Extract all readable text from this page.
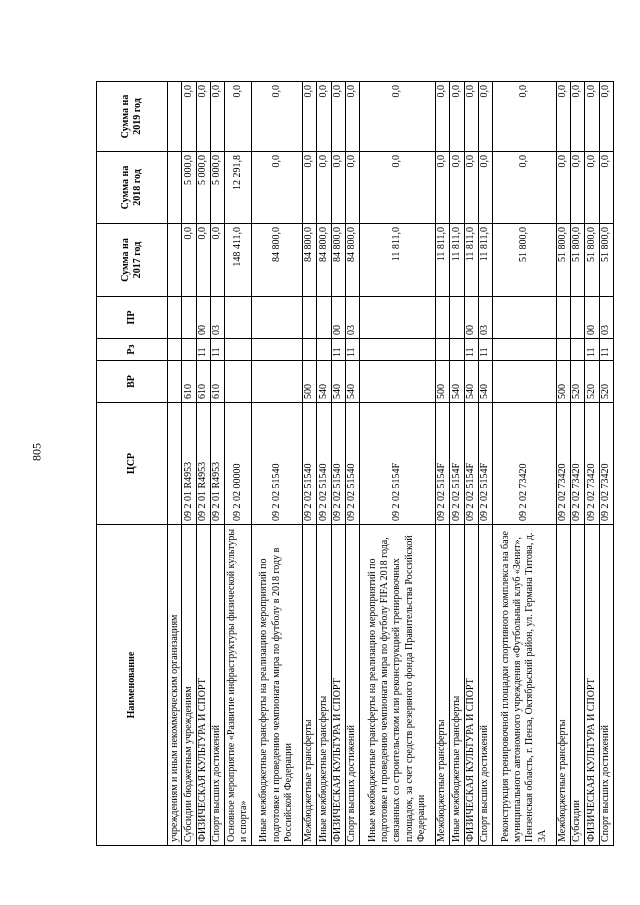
805
Наименование	ЦСР	ВР	Рз	ПР	Сумма на 2017 год	Сумма на 2018 год	Сумма на 2019 год
учреждениям и иным некоммерческим организациям							
Субсидии бюджетным учреждениям	09 2 01 R4953	610			0,0	5 000,0	0,0
ФИЗИЧЕСКАЯ КУЛЬТУРА И СПОРТ	09 2 01 R4953	610	11	00	0,0	5 000,0	0,0
Спорт высших достижений	09 2 01 R4953	610	11	03	0,0	5 000,0	0,0
Основное мероприятие «Развитие инфраструктуры физической культуры и спорта»	09 2 02 00000				148 411,0	12 291,8	0,0
Иные межбюджетные трансферты на реализацию мероприятий по подготовке и проведению чемпионата мира по футболу в 2018 году в Российской Федерации	09 2 02 51540				84 800,0	0,0	0,0
Межбюджетные трансферты	09 2 02 51540	500			84 800,0	0,0	0,0
Иные межбюджетные трансферты	09 2 02 51540	540			84 800,0	0,0	0,0
ФИЗИЧЕСКАЯ КУЛЬТУРА И СПОРТ	09 2 02 51540	540	11	00	84 800,0	0,0	0,0
Спорт высших достижений	09 2 02 51540	540	11	03	84 800,0	0,0	0,0
Иные межбюджетные трансферты на реализацию мероприятий по подготовке и проведению чемпионата мира по футболу FIFA 2018 года, связанных со строительством или реконструкцией тренировочных площадок, за счет средств резервного фонда Правительства Российской Федерации	09 2 02 5154F				11 811,0	0,0	0,0
Межбюджетные трансферты	09 2 02 5154F	500			11 811,0	0,0	0,0
Иные межбюджетные трансферты	09 2 02 5154F	540			11 811,0	0,0	0,0
ФИЗИЧЕСКАЯ КУЛЬТУРА И СПОРТ	09 2 02 5154F	540	11	00	11 811,0	0,0	0,0
Спорт высших достижений	09 2 02 5154F	540	11	03	11 811,0	0,0	0,0
Реконструкция тренировочной площадки спортивного комплекса на базе муниципального автономного учреждения «Футбольный клуб «Зенит», Пензенская область, г. Пенза, Октябрьский район, ул. Германа Титова, д. 3А	09 2 02 73420				51 800,0	0,0	0,0
Межбюджетные трансферты	09 2 02 73420	500			51 800,0	0,0	0,0
Субсидии	09 2 02 73420	520			51 800,0	0,0	0,0
ФИЗИЧЕСКАЯ КУЛЬТУРА И СПОРТ	09 2 02 73420	520	11	00	51 800,0	0,0	0,0
Спорт высших достижений	09 2 02 73420	520	11	03	51 800,0	0,0	0,0
